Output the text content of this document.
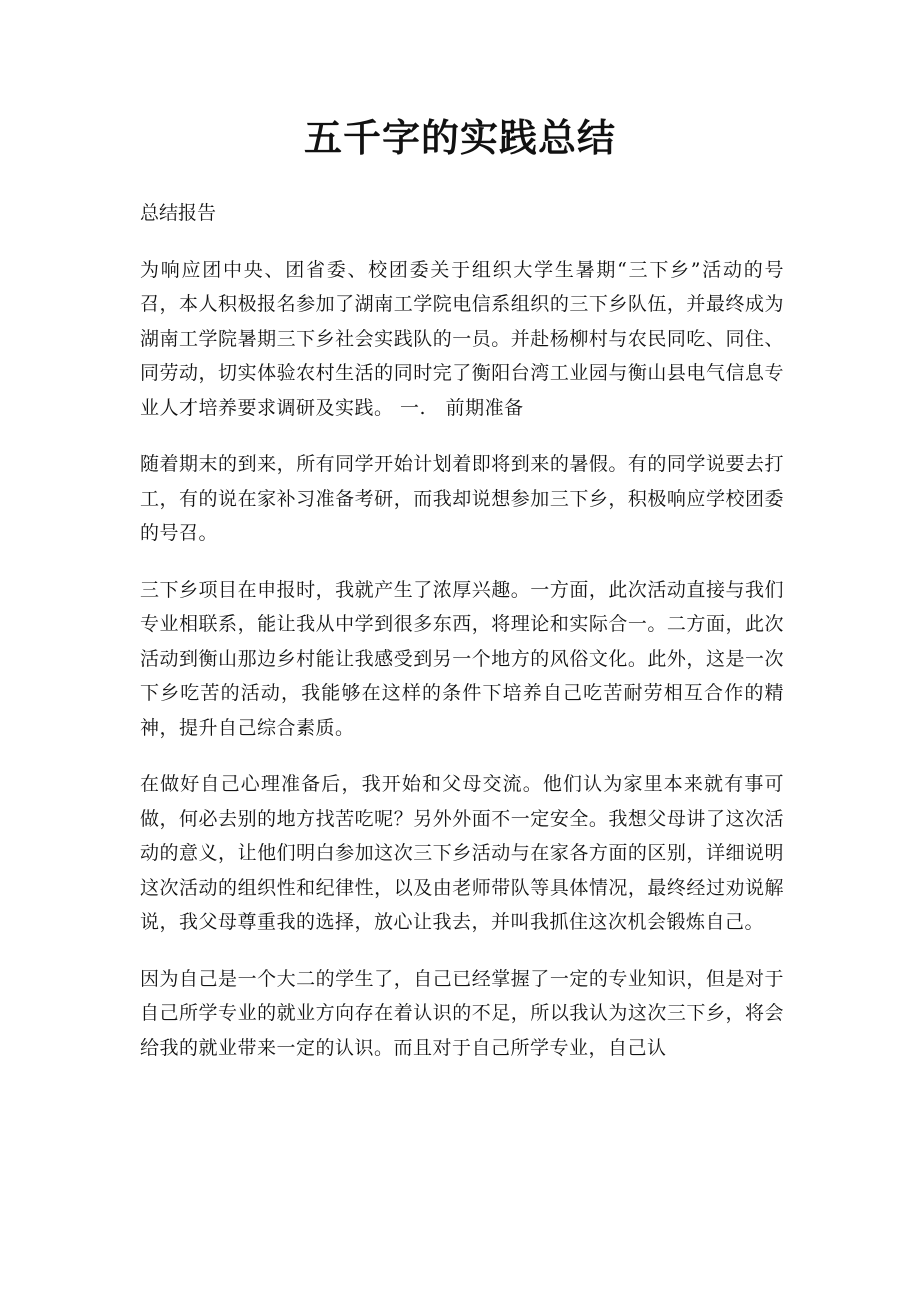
五千字的实践总结

总结报告

为响应团中央、团省委、校团委关于组织大学生暑期“三下乡”活动的号召，本人积极报名参加了湖南工学院电信系组织的三下乡队伍，并最终成为湖南工学院暑期三下乡社会实践队的一员。并赴杨柳村与农民同吃、同住、同劳动，切实体验农村生活的同时完了衡阳台湾工业园与衡山县电气信息专业人才培养要求调研及实践。 一.　前期准备

随着期末的到来，所有同学开始计划着即将到来的暑假。有的同学说要去打工，有的说在家补习准备考研，而我却说想参加三下乡，积极响应学校团委的号召。

三下乡项目在申报时，我就产生了浓厚兴趣。一方面，此次活动直接与我们专业相联系，能让我从中学到很多东西，将理论和实际合一。二方面，此次活动到衡山那边乡村能让我感受到另一个地方的风俗文化。此外，这是一次下乡吃苦的活动，我能够在这样的条件下培养自己吃苦耐劳相互合作的精神，提升自己综合素质。

在做好自己心理准备后，我开始和父母交流。他们认为家里本来就有事可做，何必去别的地方找苦吃呢？另外外面不一定安全。我想父母讲了这次活动的意义，让他们明白参加这次三下乡活动与在家各方面的区别，详细说明这次活动的组织性和纪律性，以及由老师带队等具体情况，最终经过劝说解说，我父母尊重我的选择，放心让我去，并叫我抓住这次机会锻炼自己。

因为自己是一个大二的学生了，自己已经掌握了一定的专业知识，但是对于自己所学专业的就业方向存在着认识的不足，所以我认为这次三下乡，将会给我的就业带来一定的认识。而且对于自己所学专业，自己认
